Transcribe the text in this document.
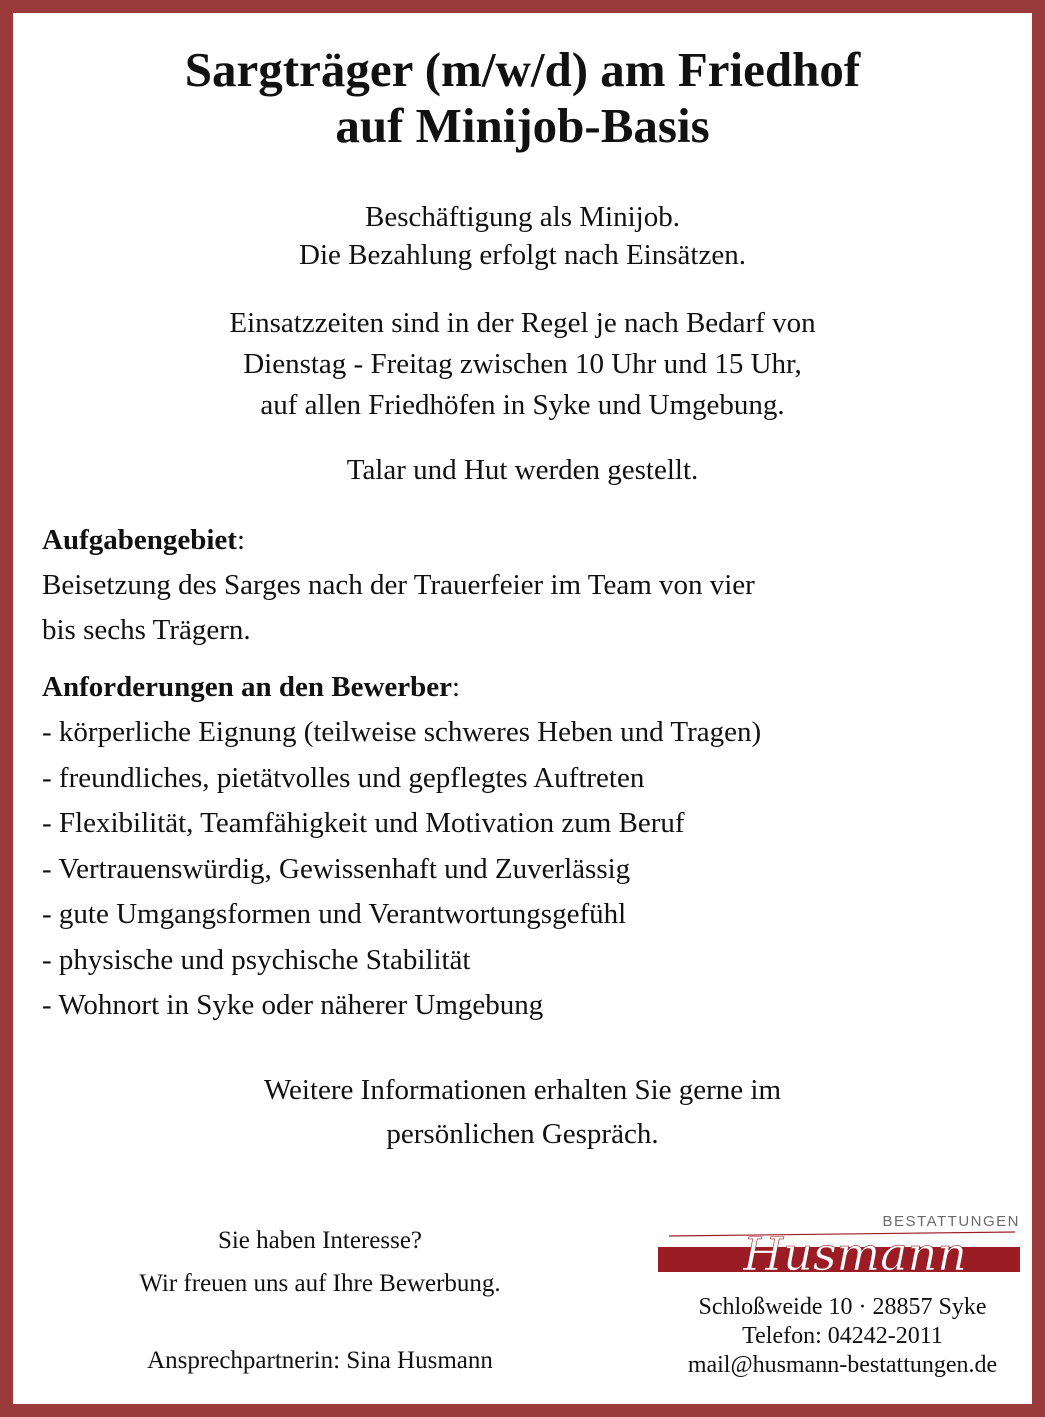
Sargträger (m/w/d) am Friedhof
auf Minijob-Basis
Beschäftigung als Minijob.
Die Bezahlung erfolgt nach Einsätzen.
Einsatzzeiten sind in der Regel je nach Bedarf von
Dienstag - Freitag zwischen 10 Uhr und 15 Uhr,
auf allen Friedhöfen in Syke und Umgebung.
Talar und Hut werden gestellt.
Aufgabengebiet:
Beisetzung des Sarges nach der Trauerfeier im Team von vier
bis sechs Trägern.
Anforderungen an den Bewerber:
- körperliche Eignung (teilweise schweres Heben und Tragen)
- freundliches, pietätvolles und gepflegtes Auftreten
- Flexibilität, Teamfähigkeit und Motivation zum Beruf
- Vertrauenswürdig, Gewissenhaft und Zuverlässig
- gute Umgangsformen und Verantwortungsgefühl
- physische und psychische Stabilität
- Wohnort in Syke oder näherer Umgebung
Weitere Informationen erhalten Sie gerne im
persönlichen Gespräch.
Sie haben Interesse?
Wir freuen uns auf Ihre Bewerbung.
Ansprechpartnerin: Sina Husmann
BESTATTUNGEN
Husmann
Schloßweide 10 · 28857 Syke
Telefon: 04242-2011
mail@husmann-bestattungen.de
